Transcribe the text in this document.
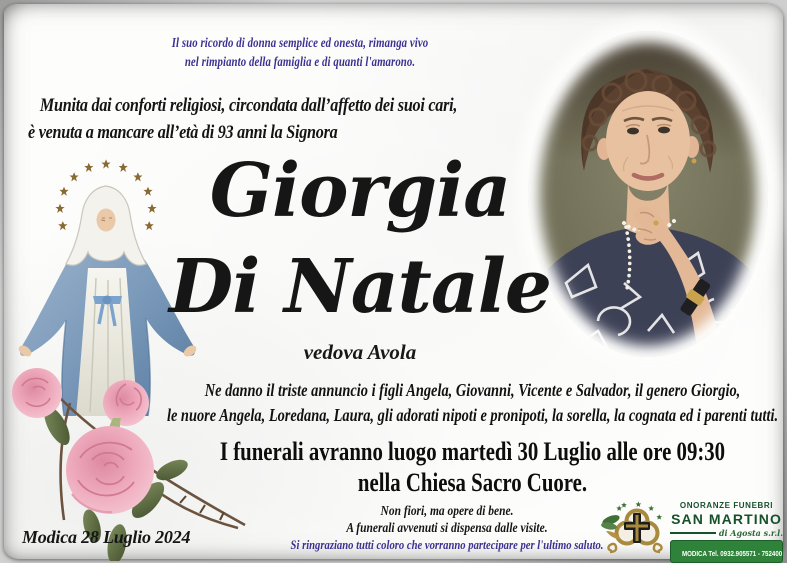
Il suo ricordo di donna semplice ed onesta, rimanga vivo
nel rimpianto della famiglia e di quanti l'amarono.
Munita dai conforti religiosi, circondata dall’affetto dei suoi cari,
è venuta a mancare all’età di 93 anni la Signora
Giorgia
Di Natale
vedova Avola
Ne danno il triste annuncio i figli Angela, Giovanni, Vicente e Salvador, il genero Giorgio,
le nuore Angela, Loredana, Laura, gli adorati nipoti e pronipoti, la sorella, la cognata ed i parenti tutti.
I funerali avranno luogo martedì 30 Luglio alle ore 09:30
nella Chiesa Sacro Cuore.
Non fiori, ma opere di bene.
A funerali avvenuti si dispensa dalle visite.
Si ringraziano tutti coloro che vorranno partecipare per l'ultimo saluto.
Modica 28 Luglio 2024
ONORANZE FUNEBRI
SAN MARTINO
di Agosta s.r.l.
MODICA Tel. 0932.905571 - 752400
